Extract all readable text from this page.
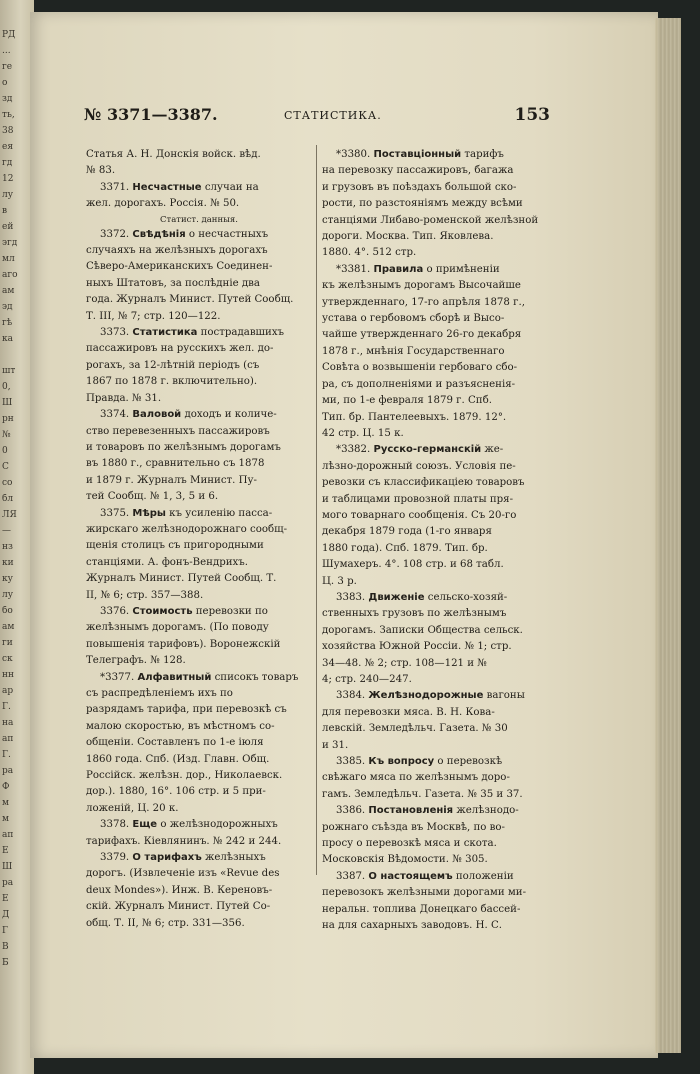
РД
...
ге
о
зд
ть,
38
ея
гд
12
лу
в
ей
эгд
мл
аго
ам
эд
гѣ
ка
шт
0,
Ш
рн
№
0
С
со
бл
ЛЯ
—
нз
ки
ку
лу
бо
ам
ги
ск
нн
ар
Г.
на
ап
Г.
ра
Ф
м
м
ап
Е
Ш
ра
Е
Д
Г
В
Б
№ 3371—3387.	СТАТИСТИКА.	153
Статья А. Н. Донскія войск. вѣд.
№ 83.
3371. Несчастные случаи на
жел. дорогахъ. Россія. № 50.
Статист. данныя.
3372. Свѣдѣнія о несчастныхъ
случаяхъ на желѣзныхъ дорогахъ
Сѣверо-Американскихъ Соединен-
ныхъ Штатовъ, за послѣдніе два
года. Журналъ Минист. Путей Сообщ.
Т. III, № 7; стр. 120—122.
3373. Статистика пострадавшихъ
пассажировъ на русскихъ жел. до-
рогахъ, за 12-лѣтній періодъ (съ
1867 по 1878 г. включительно).
Правда. № 31.
3374. Валовой доходъ и количе-
ство перевезенныхъ пассажировъ
и товаровъ по желѣзнымъ дорогамъ
въ 1880 г., сравнительно съ 1878
и 1879 г. Журналъ Минист. Пу-
тей Сообщ. № 1, 3, 5 и 6.
3375. Мѣры къ усиленію пасса-
жирскаго желѣзнодорожнаго сообщ-
щенія столицъ съ пригородными
станціями. А. фонъ-Вендрихъ.
Журналъ Минист. Путей Сообщ. Т.
II, № 6; стр. 357—388.
3376. Стоимость перевозки по
желѣзнымъ дорогамъ. (По поводу
повышенія тарифовъ). Воронежскій
Телеграфъ. № 128.
*3377. Алфавитный списокъ товаръ
съ распредѣленіемъ ихъ по
разрядамъ тарифа, при перевозкѣ съ
малою скоростью, въ мѣстномъ со-
общеніи. Составленъ по 1-е іюля
1860 года. Спб. (Изд. Главн. Общ.
Россійск. желѣзн. дор., Николаевск.
дор.). 1880, 16°. 106 стр. и 5 при-
ложеній, Ц. 20 к.
3378. Еще о желѣзнодорожныхъ
тарифахъ. Кіевлянинъ. № 242 и 244.
3379. О тарифахъ желѣзныхъ
дорогъ. (Извлеченіе изъ «Revue des
deux Mondes»). Инж. В. Кереновъ-
скій. Журналъ Минист. Путей Со-
общ. Т. II, № 6; стр. 331—356.
*3380. Поставціонный тарифъ
на перевозку пассажировъ, багажа
и грузовъ въ поѣздахъ большой ско-
рости, по разстояніямъ между всѣми
станціями Либаво-роменской желѣзной
дороги. Москва. Тип. Яковлева.
1880. 4°. 512 стр.
*3381. Правила о примѣненіи
къ желѣзнымъ дорогамъ Высочайше
утвержденнаго, 17-го апрѣля 1878 г.,
устава о гербовомъ сборѣ и Высо-
чайше утвержденнаго 26-го декабря
1878 г., мнѣнія Государственнаго
Совѣта о возвышеніи гербоваго сбо-
ра, съ дополненіями и разъясненія-
ми, по 1-е февраля 1879 г. Спб.
Тип. бр. Пантелеевыхъ. 1879. 12°.
42 стр. Ц. 15 к.
*3382. Русско-германскій же-
лѣзно-дорожный союзъ. Условія пе-
ревозки съ классификаціею товаровъ
и таблицами провозной платы пря-
мого товарнаго сообщенія. Съ 20-го
декабря 1879 года (1-го января
1880 года). Спб. 1879. Тип. бр.
Шумахеръ. 4°. 108 стр. и 68 табл.
Ц. 3 р.
3383. Движеніе сельско-хозяй-
ственныхъ грузовъ по желѣзнымъ
дорогамъ. Записки Общества сельск.
хозяйства Южной Россіи. № 1; стр.
34—48. № 2; стр. 108—121 и №
4; стр. 240—247.
3384. Желѣзнодорожные вагоны
для перевозки мяса. В. Н. Кова-
левскій. Земледѣльч. Газета. № 30
и 31.
3385. Къ вопросу о перевозкѣ
свѣжаго мяса по желѣзнымъ доро-
гамъ. Земледѣльч. Газета. № 35 и 37.
3386. Постановленія желѣзнодо-
рожнаго съѣзда въ Москвѣ, по во-
просу о перевозкѣ мяса и скота.
Московскія Вѣдомости. № 305.
3387. О настоящемъ положеніи
перевозокъ желѣзными дорогами ми-
неральн. топлива Донецкаго бассей-
на для сахарныхъ заводовъ. Н. С.
